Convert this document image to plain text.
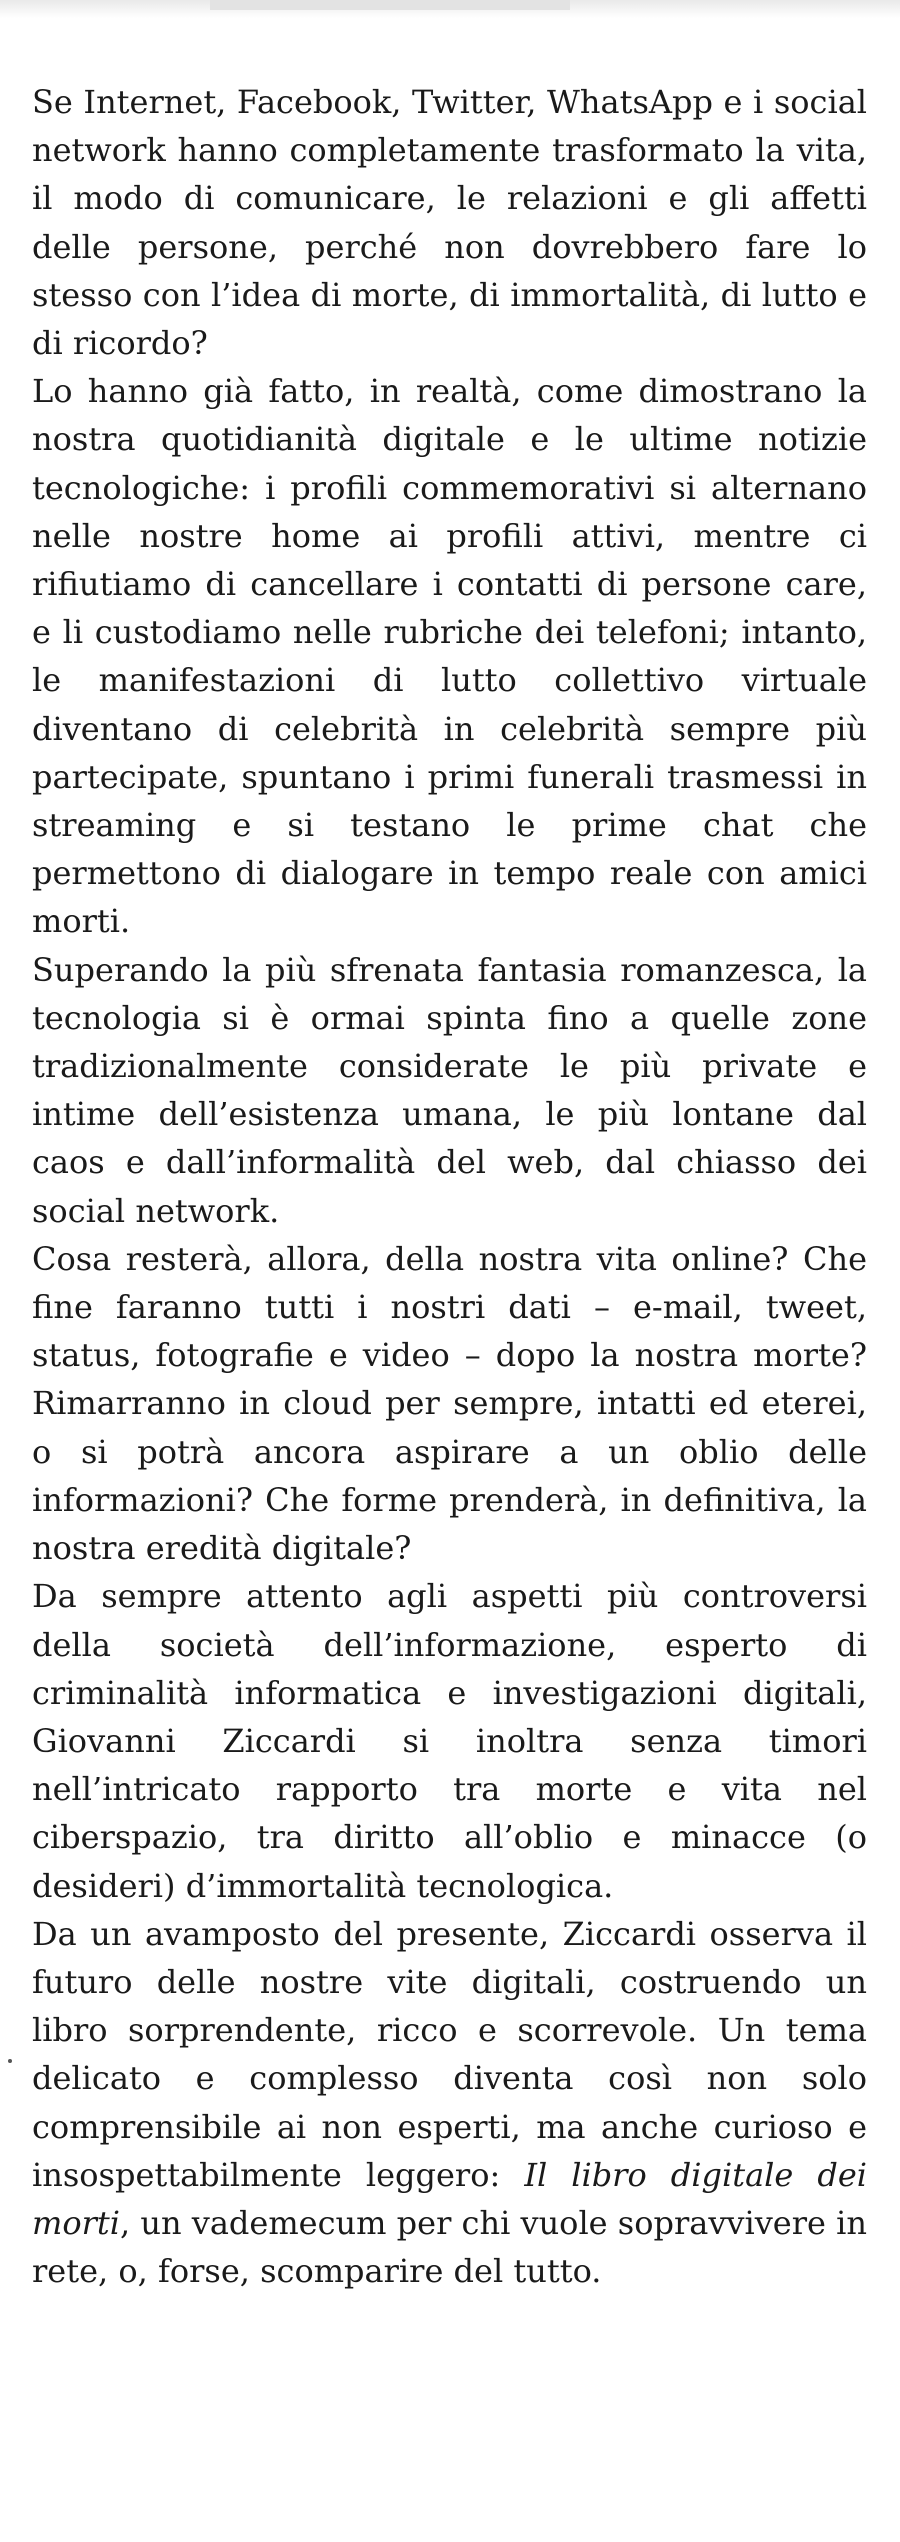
Se Internet, Facebook, Twitter, WhatsApp e i social network hanno completamente trasformato la vita, il modo di comunicare, le relazioni e gli affetti delle persone, perché non dovrebbero fare lo stesso con l’idea di morte, di immortalità, di lutto e di ricordo?

Lo hanno già fatto, in realtà, come dimostrano la nostra quotidianità digitale e le ultime notizie tecnologiche: i profili commemorativi si alternano nelle nostre home ai profili attivi, mentre ci rifiutiamo di cancellare i contatti di persone care, e li custodiamo nelle rubriche dei telefoni; intanto, le manifestazioni di lutto collettivo virtuale diventano di celebrità in celebrità sempre più partecipate, spuntano i primi funerali trasmessi in streaming e si testano le prime chat che permettono di dialogare in tempo reale con amici morti.

Superando la più sfrenata fantasia romanzesca, la tecnologia si è ormai spinta fino a quelle zone tradizionalmente considerate le più private e intime dell’esistenza umana, le più lontane dal caos e dall’informalità del web, dal chiasso dei social network.

Cosa resterà, allora, della nostra vita online? Che fine faranno tutti i nostri dati – e-mail, tweet, status, fotografie e video – dopo la nostra morte? Rimarranno in cloud per sempre, intatti ed eterei, o si potrà ancora aspirare a un oblio delle informazioni? Che forme prenderà, in definitiva, la nostra eredità digitale?

Da sempre attento agli aspetti più controversi della società dell’informazione, esperto di criminalità informatica e investigazioni digitali, Giovanni Ziccardi si inoltra senza timori nell’intricato rapporto tra morte e vita nel ciberspazio, tra diritto all’oblio e minacce (o desideri) d’immortalità tecnologica.

Da un avamposto del presente, Ziccardi osserva il futuro delle nostre vite digitali, costruendo un libro sorprendente, ricco e scorrevole. Un tema delicato e complesso diventa così non solo comprensibile ai non esperti, ma anche curioso e insospettabilmente leggero: Il libro digitale dei morti, un vademecum per chi vuole sopravvivere in rete, o, forse, scomparire del tutto.
